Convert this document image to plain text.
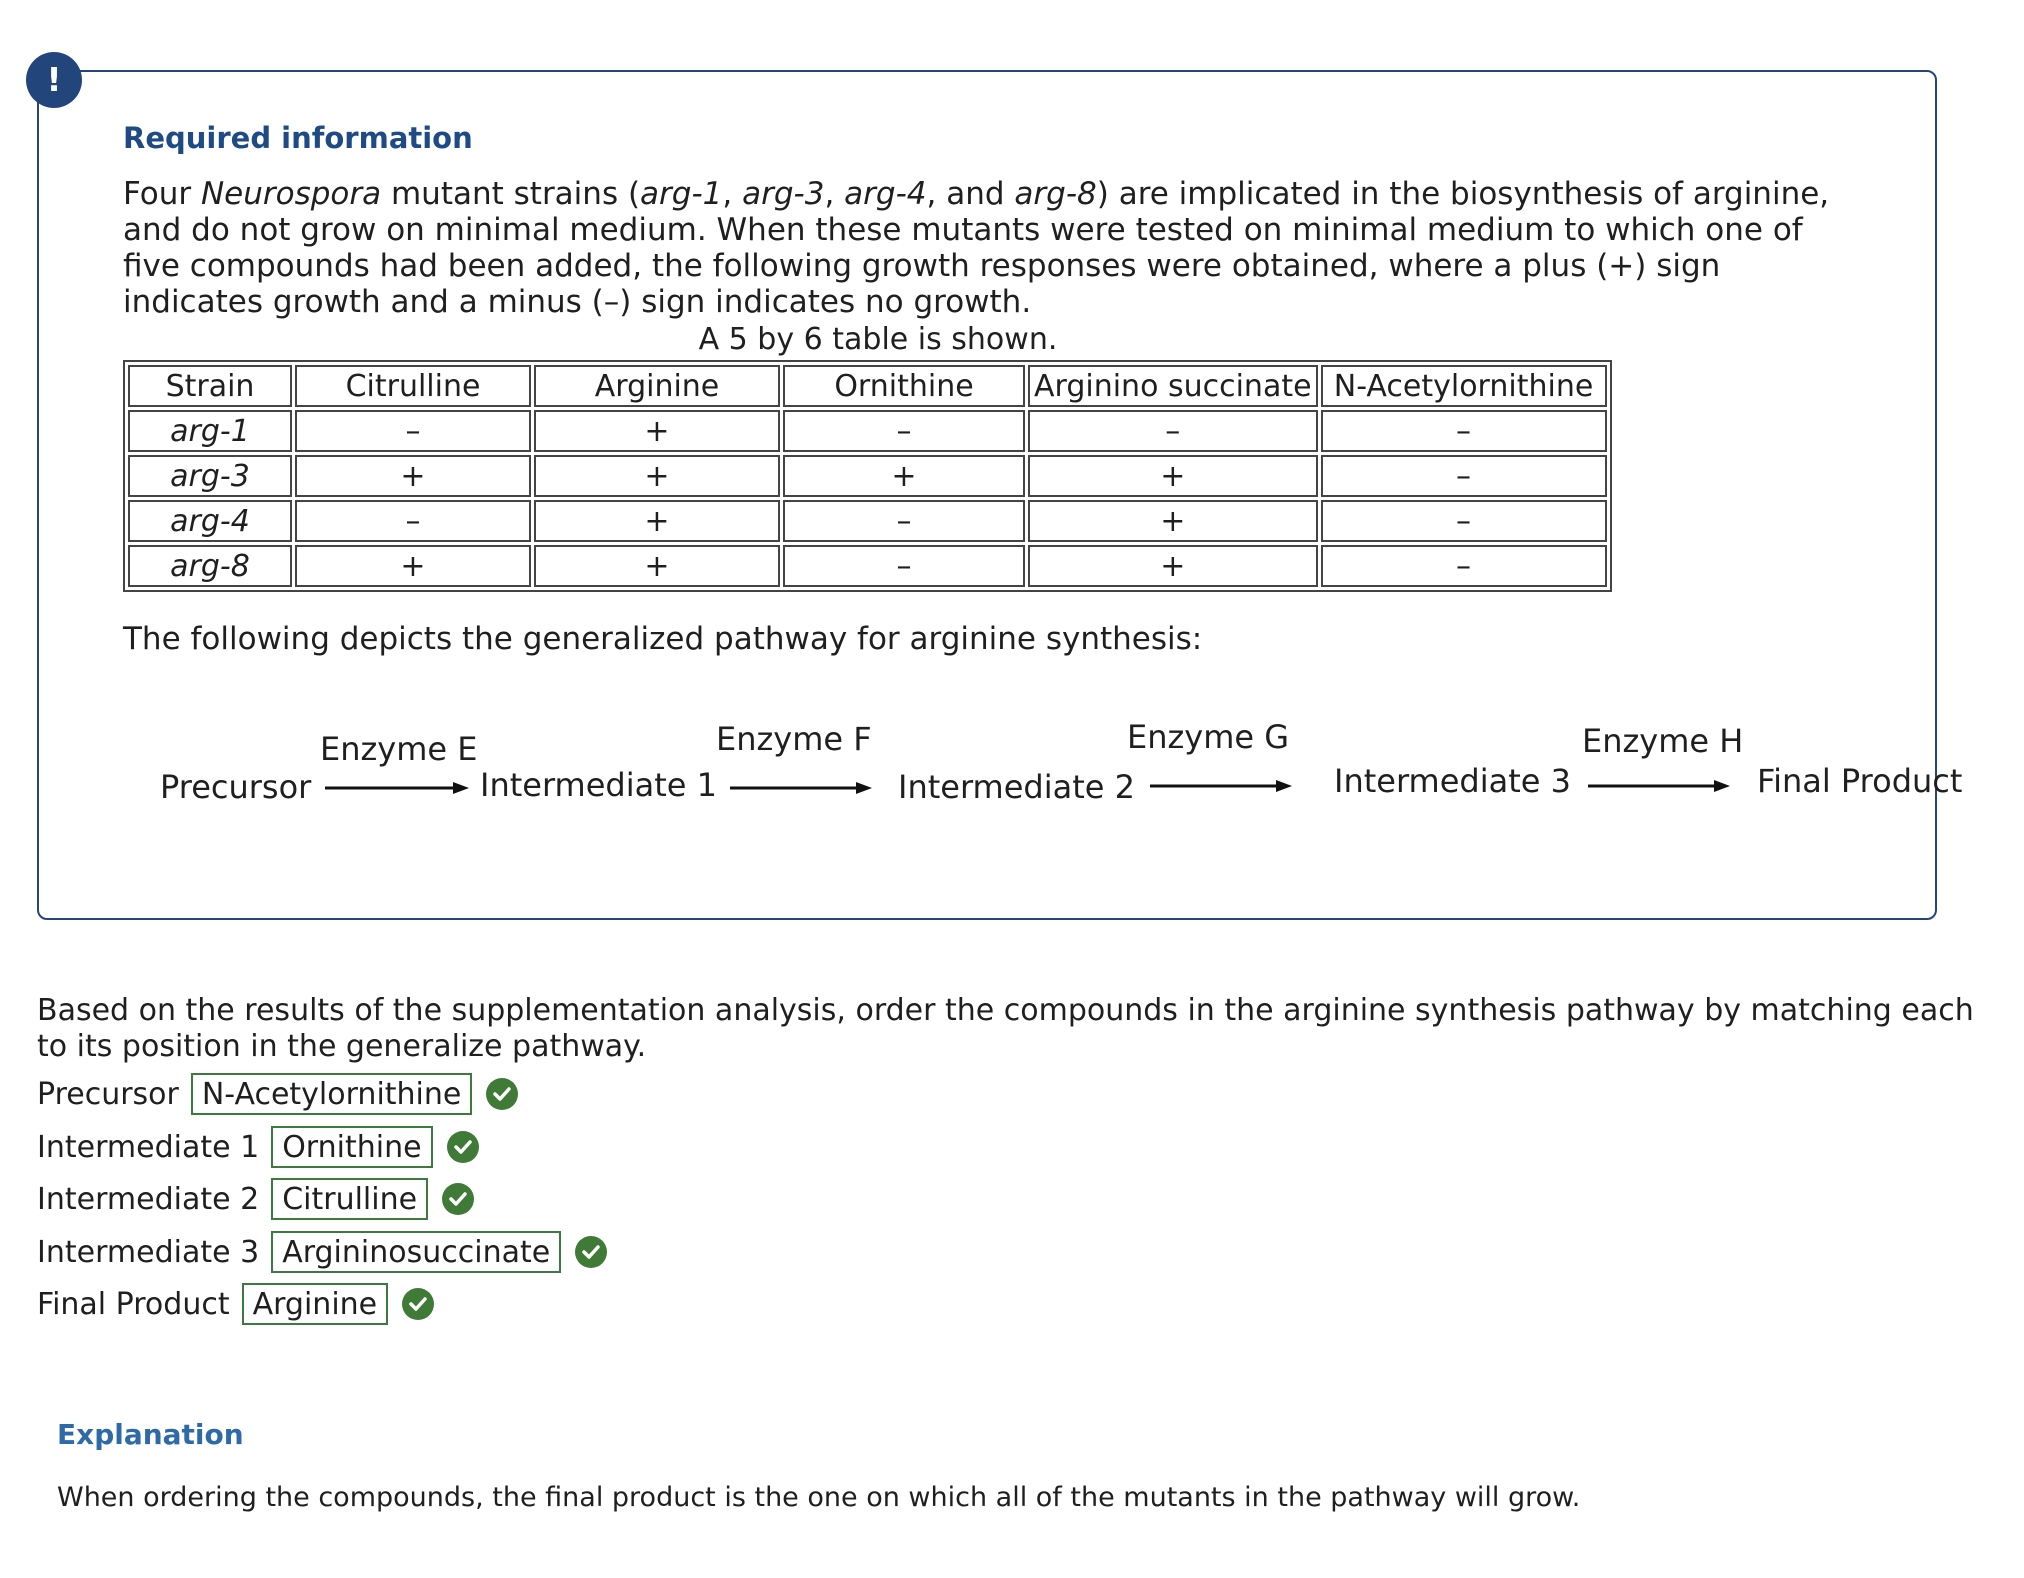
!
Required information

Four Neurospora mutant strains (arg-1, arg-3, arg-4, and arg-8) are implicated in the biosynthesis of arginine, and do not grow on minimal medium. When these mutants were tested on minimal medium to which one of five compounds had been added, the following growth responses were obtained, where a plus (+) sign indicates growth and a minus (–) sign indicates no growth.

A 5 by 6 table is shown.
Strain	Citrulline	Arginine	Ornithine	Arginino succinate	N-Acetylornithine
arg-1	–	+	–	–	–
arg-3	+	+	+	+	–
arg-4	–	+	–	+	–
arg-8	+	+	–	+	–
The following depicts the generalized pathway for arginine synthesis:
Precursor
Enzyme E
Intermediate 1
Enzyme F
Intermediate 2
Enzyme G
Intermediate 3
Enzyme H
Final Product

Based on the results of the supplementation analysis, order the compounds in the arginine synthesis pathway by matching each to its position in the generalize pathway.

Precursor N-Acetylornithine
Intermediate 1 Ornithine
Intermediate 2 Citrulline
Intermediate 3 Argininosuccinate
Final Product Arginine
Explanation
When ordering the compounds, the final product is the one on which all of the mutants in the pathway will grow.
